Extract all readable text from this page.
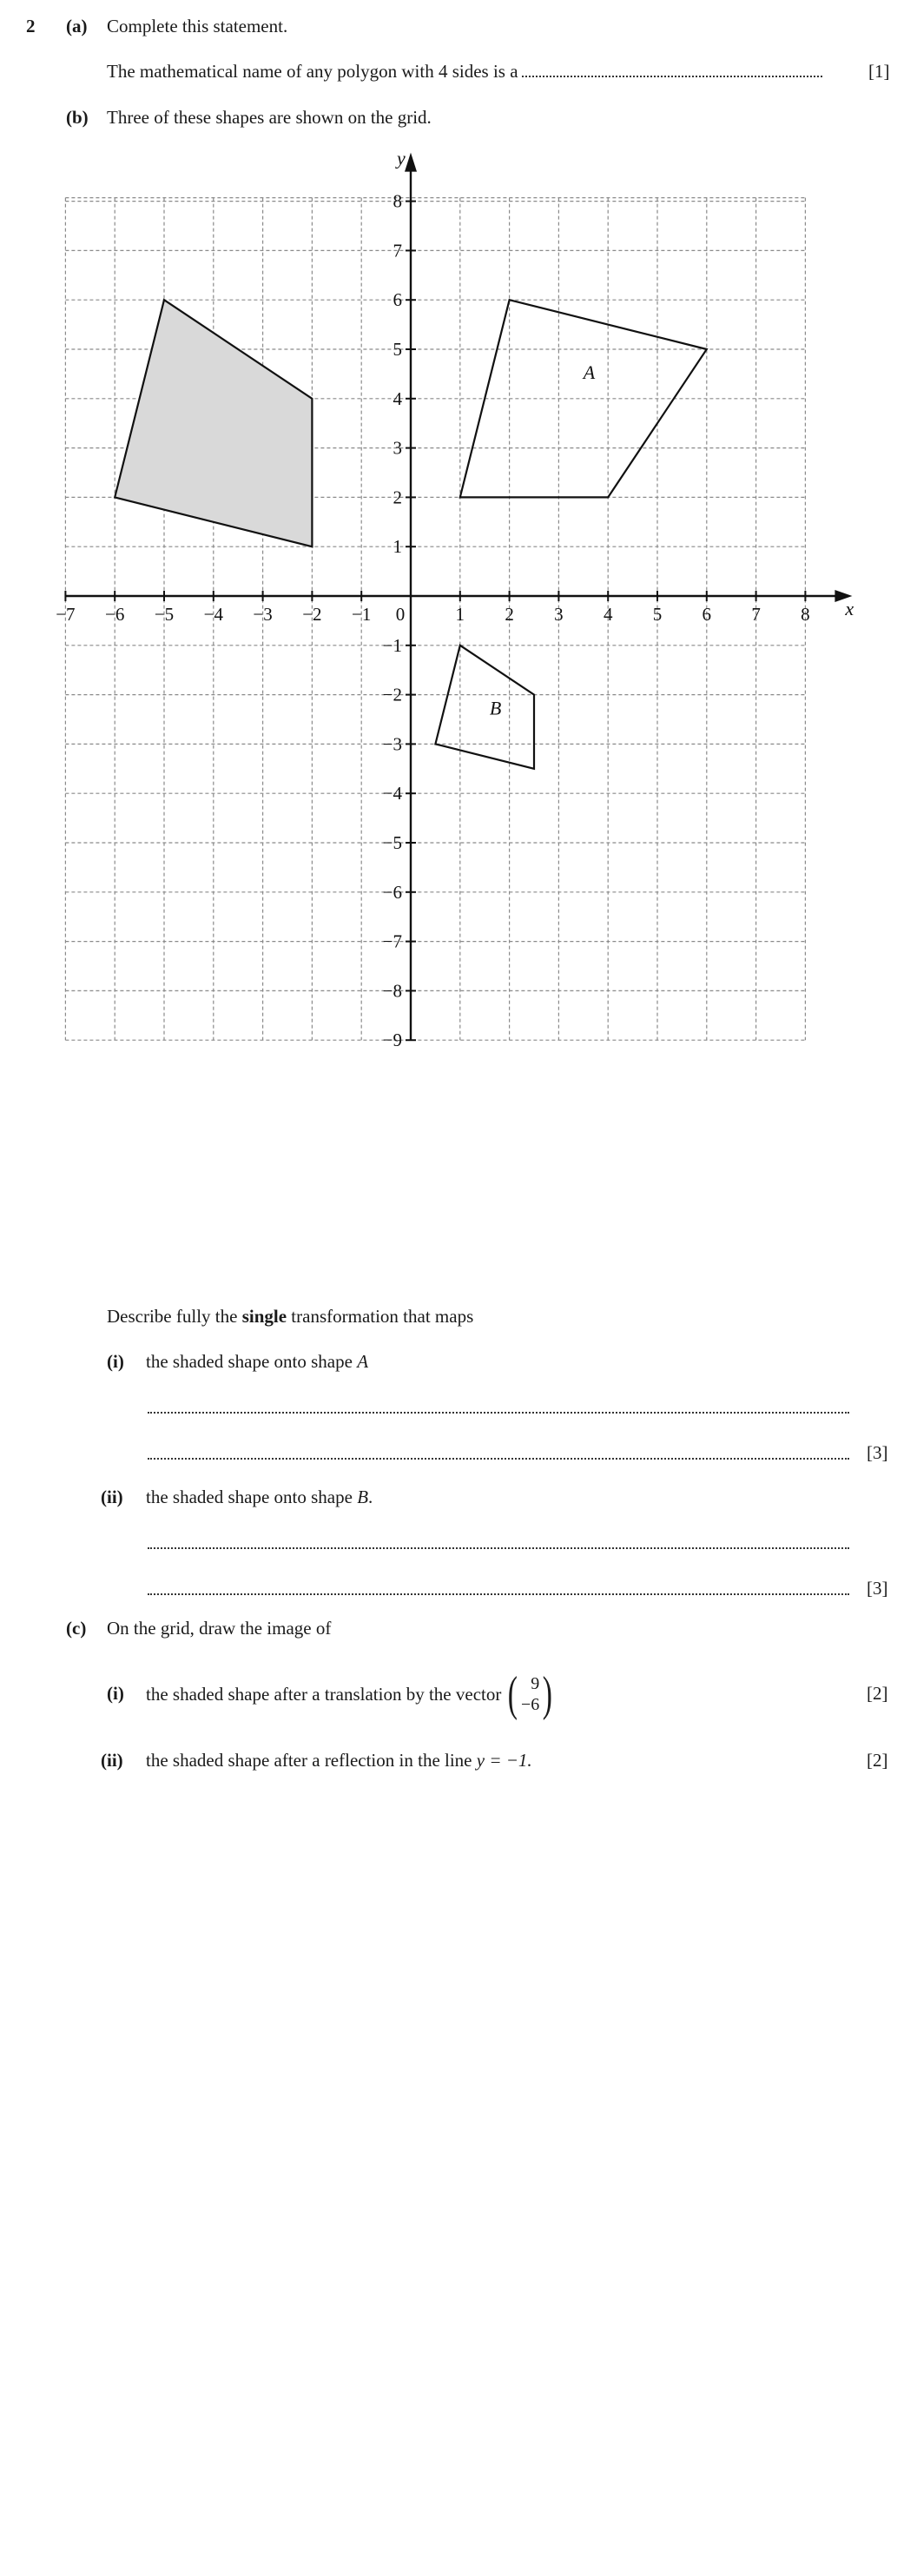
2 (a) Complete this statement.
The mathematical name of any polygon with 4 sides is a	[1]
(b) Three of these shapes are shown on the grid.
A
B
x
y
−7 −6 −5 −4 −3 −2 −1 0	1 2 3 4 5 6 7 8
8
7
6
5
4
3
2
1
−1
−2
−3
−4
−5
−6
−7
−8
−9
Describe fully the single transformation that maps
(i) the shaded shape onto shape A
[3]
(ii) the shaded shape onto shape B.
[3]
(c) On the grid, draw the image of
(i) the shaded shape after a translation by the vector ( 9
−6 )	[2]
(ii) the shaded shape after a reflection in the line y = −1.	[2]
